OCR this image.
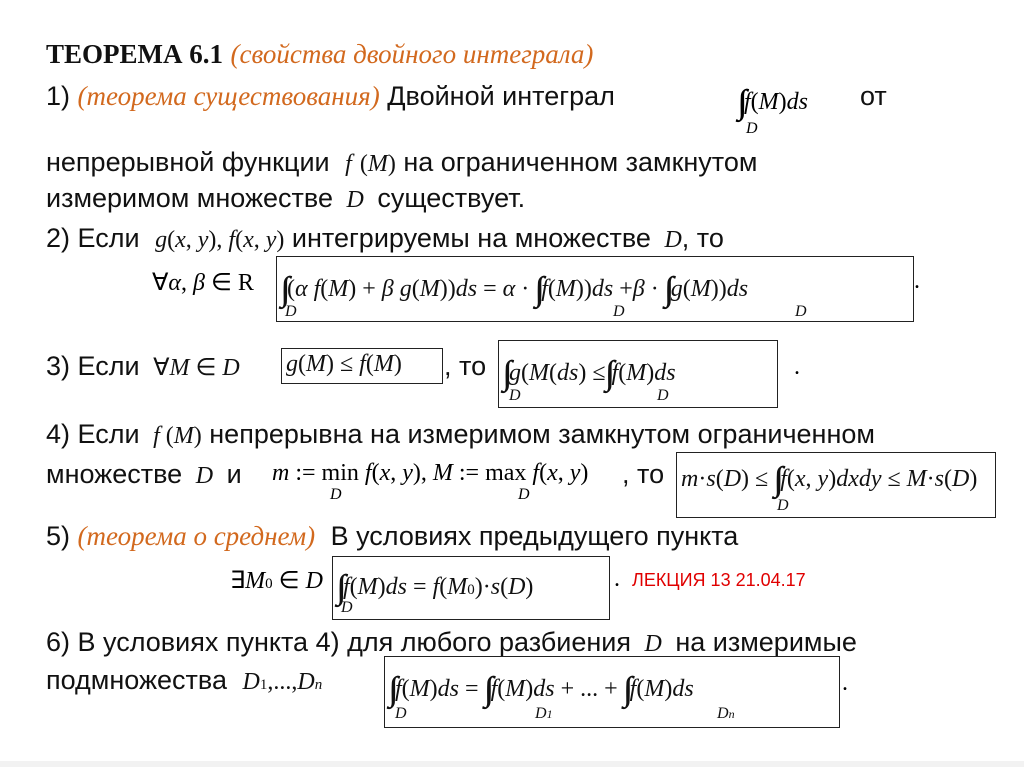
ТЕОРЕМА 6.1 (свойства двойного интеграла)
1) (теорема существования) Двойной интеграл	f(M)ds
D
от
непрерывной функции f (M) на ограниченном замкнутом
измеримом множестве D существует.
2) Если g(x, y), f(x, y) интегрируемы на множестве D, то
∀α, β ∈ R (α f(M) + β g(M))ds = α · f(M))ds +β · g(M))ds
D	D	D
.
3) Если ∀M ∈ D g(M) ≤ f(M) , то g(M(ds) ≤ f(M)ds
D	D
.
4) Если f (M) непрерывна на измеримом замкнутом ограниченном
множестве D и m := min f(x, y), M := max f(x, y)
D	D
, то m·s(D) ≤ f(x, y)dxdy ≤ M·s(D)
D
5) (теорема о среднем) В условиях предыдущего пункта
∃M0 ∈ D f(M)ds = f(M0)·s(D)
D
. ЛЕКЦИЯ 13 21.04.17
6) В условиях пункта 4) для любого разбиения D на измеримые
подмножества D1,...,Dn	f(M)ds = f(M)ds + ... + f(M)ds
D	D1	Dn
.
